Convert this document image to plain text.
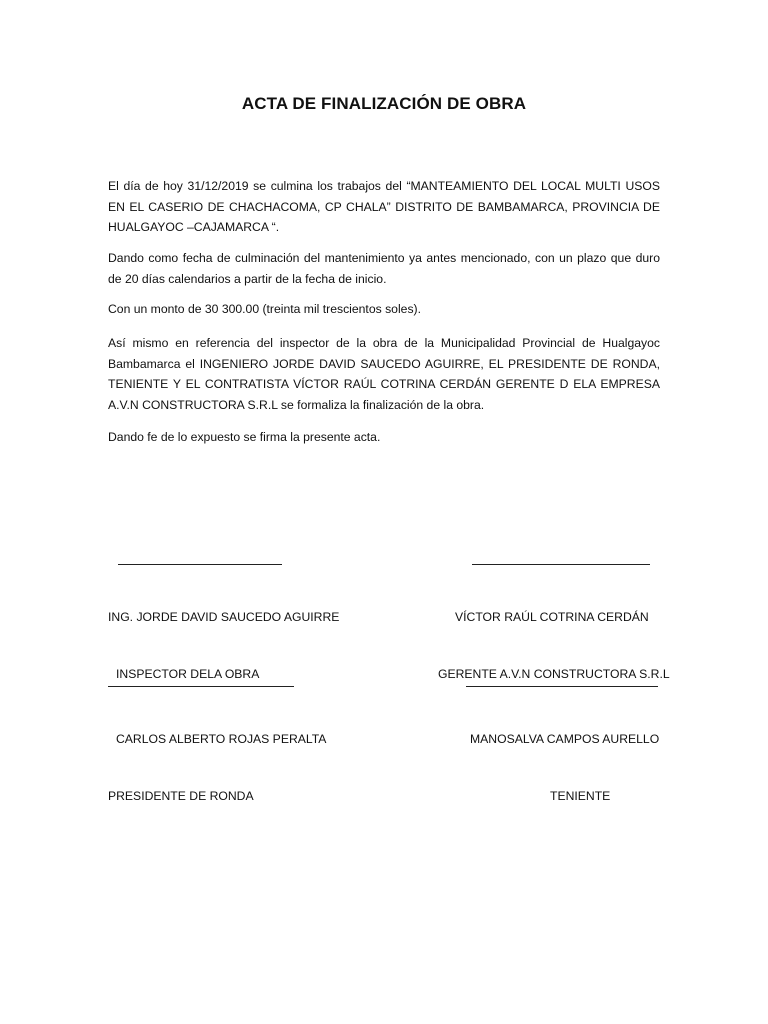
ACTA DE FINALIZACIÓN DE OBRA
El día de hoy 31/12/2019 se culmina los trabajos del “MANTEAMIENTO DEL LOCAL MULTI USOS EN EL CASERIO DE CHACHACOMA, CP CHALA” DISTRITO DE BAMBAMARCA, PROVINCIA DE HUALGAYOC –CAJAMARCA “.
Dando como fecha de culminación del mantenimiento ya antes mencionado, con un plazo que duro de 20 días calendarios a partir de la fecha de inicio.
Con un monto de 30 300.00 (treinta mil trescientos soles).
Así mismo en referencia del inspector de la obra de la Municipalidad Provincial de Hualgayoc Bambamarca el INGENIERO JORDE DAVID SAUCEDO AGUIRRE, EL PRESIDENTE DE RONDA, TENIENTE Y EL CONTRATISTA VÍCTOR RAÚL COTRINA CERDÁN GERENTE D ELA EMPRESA A.V.N CONSTRUCTORA S.R.L se formaliza la finalización de la obra.
Dando fe de lo expuesto se firma la presente acta.

ING. JORDE DAVID SAUCEDO AGUIRRE

INSPECTOR DELA OBRA

VÍCTOR RAÚL COTRINA CERDÁN

GERENTE A.V.N CONSTRUCTORA S.R.L

CARLOS ALBERTO ROJAS PERALTA

PRESIDENTE DE RONDA

MANOSALVA CAMPOS AURELLO

TENIENTE
